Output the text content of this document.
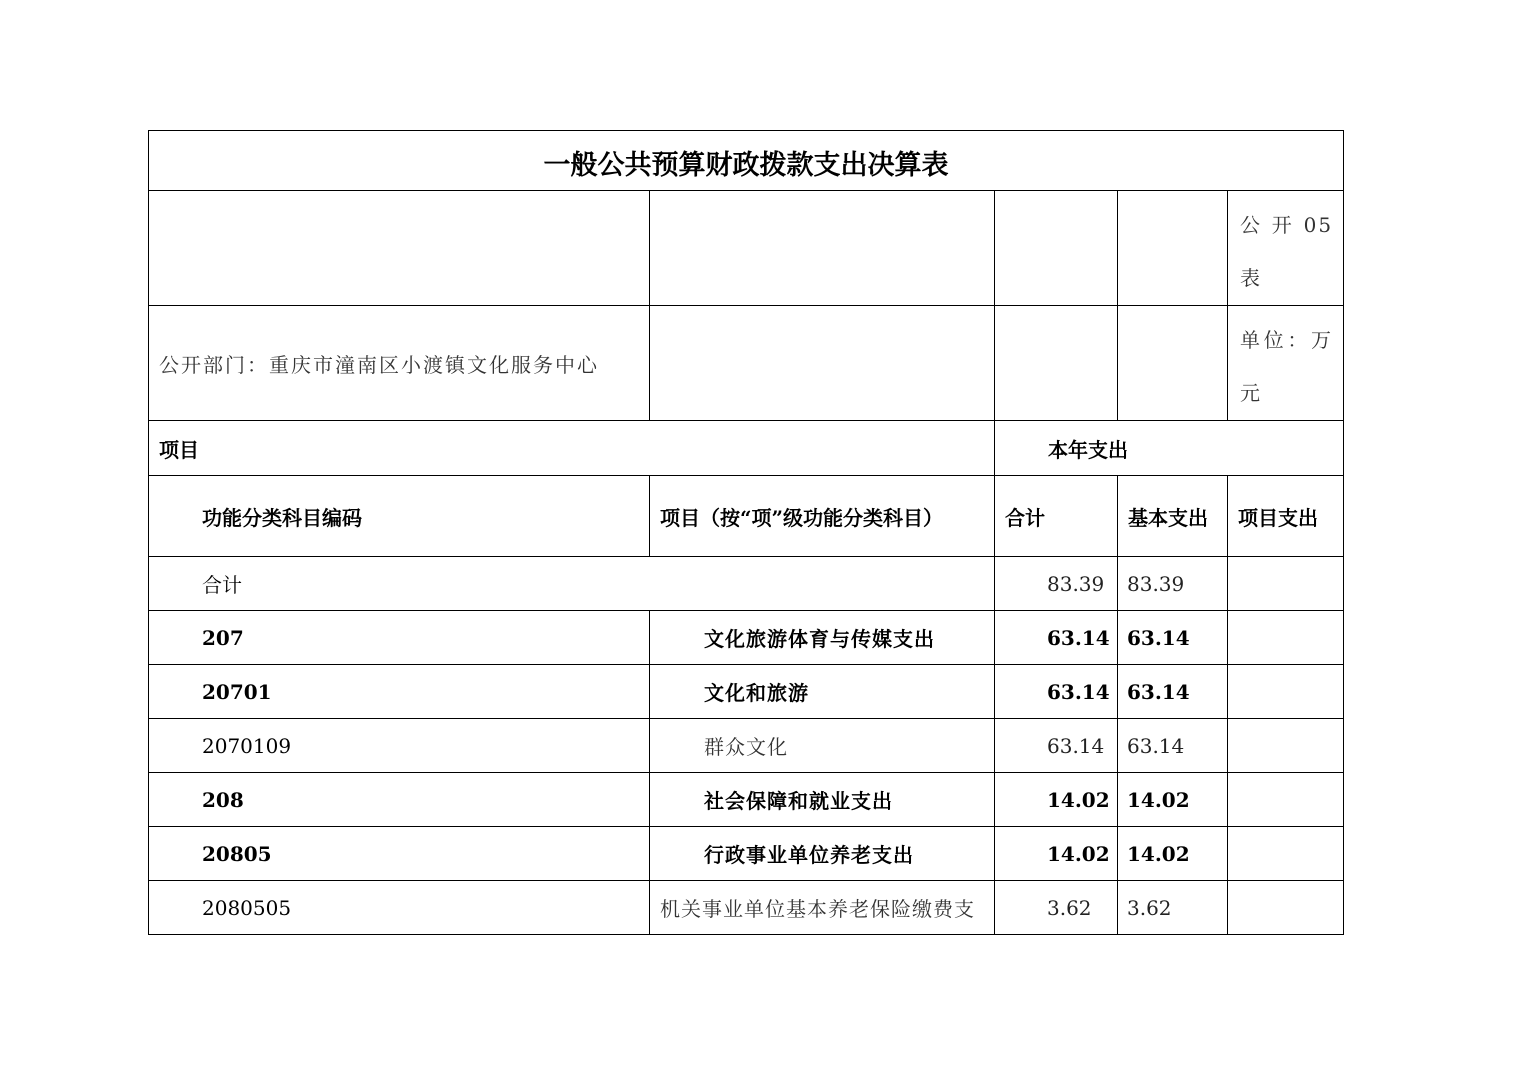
一般公共预算财政拨款支出决算表				

				公开05
表

公开部门：重庆市潼南区小渡镇文化服务中心				单位：万
元

项目		本年支出		
功能分类科目编码	项目（按“项”级功能分类科目）	合计	基本支出	项目支出
合计		83.39	83.39	
207	文化旅游体育与传媒支出	63.14	63.14	
20701	文化和旅游	63.14	63.14	
2070109	群众文化	63.14	63.14	
208	社会保障和就业支出	14.02	14.02	
20805	行政事业单位养老支出	14.02	14.02	
2080505	机关事业单位基本养老保险缴费支	3.62	3.62	
